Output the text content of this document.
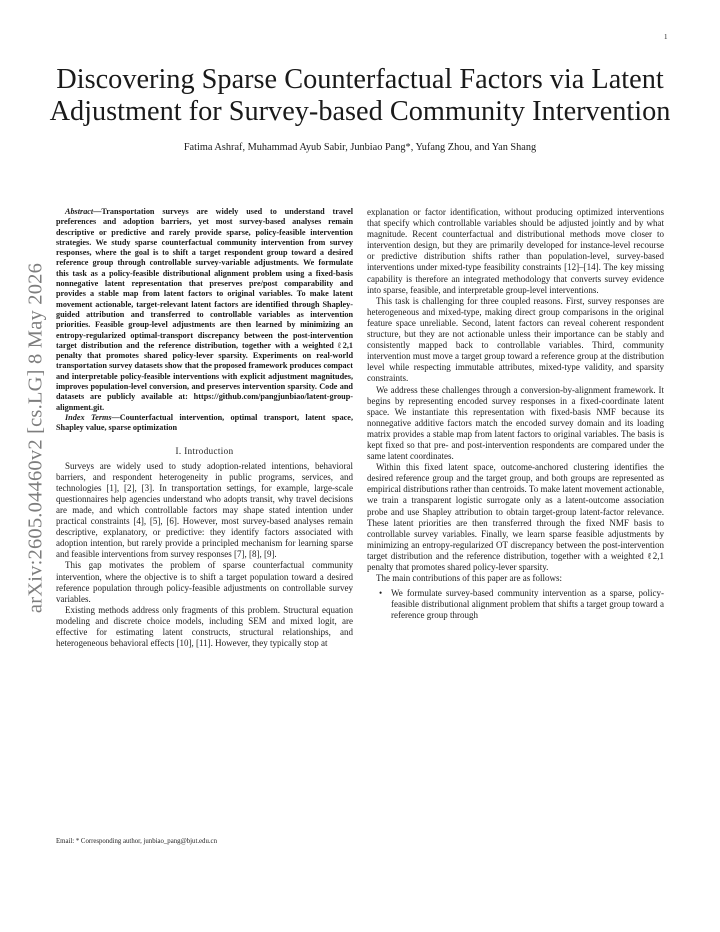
1
arXiv:2605.04460v2 [cs.LG] 8 May 2026
Discovering Sparse Counterfactual Factors via Latent
Adjustment for Survey-based Community Intervention
Fatima Ashraf, Muhammad Ayub Sabir, Junbiao Pang*, Yufang Zhou, and Yan Shang

Abstract—Transportation surveys are widely used to understand travel preferences and adoption barriers, yet most survey-based analyses remain descriptive or predictive and rarely provide sparse, policy-feasible intervention strategies. We study sparse counterfactual community intervention from survey responses, where the goal is to shift a target respondent group toward a desired reference group through controllable survey-variable adjustments. We formulate this task as a policy-feasible distributional alignment problem using a fixed-basis nonnegative latent representation that preserves pre/post comparability and provides a stable map from latent factors to original variables. To make latent movement actionable, target-relevant latent factors are identified through Shapley-guided attribution and transferred to controllable variables as intervention priorities. Feasible group-level adjustments are then learned by minimizing an entropy-regularized optimal-transport discrepancy between the post-intervention target distribution and the reference distribution, together with a weighted ℓ2,1 penalty that promotes shared policy-lever sparsity. Experiments on real-world transportation survey datasets show that the proposed framework produces compact and interpretable policy-feasible interventions with explicit adjustment magnitudes, improves population-level conversion, and preserves intervention sparsity. Code and datasets are publicly available at: https://github.com/pangjunbiao/latent-group-alignment.git.

Index Terms—Counterfactual intervention, optimal transport, latent space, Shapley value, sparse optimization

I. Introduction

Surveys are widely used to study adoption-related intentions, behavioral barriers, and respondent heterogeneity in public programs, services, and technologies [1], [2], [3]. In transportation settings, for example, large-scale questionnaires help agencies understand who adopts transit, why travel decisions are made, and which controllable factors may shape stated intention under practical constraints [4], [5], [6]. However, most survey-based analyses remain descriptive, explanatory, or predictive: they identify factors associated with adoption intention, but rarely provide a principled mechanism for learning sparse and feasible interventions from survey responses [7], [8], [9].

This gap motivates the problem of sparse counterfactual community intervention, where the objective is to shift a target population toward a desired reference population through policy-feasible adjustments on controllable survey variables.

Existing methods address only fragments of this problem. Structural equation modeling and discrete choice models, including SEM and mixed logit, are effective for estimating latent constructs, structural relationships, and heterogeneous behavioral effects [10], [11]. However, they typically stop at

explanation or factor identification, without producing optimized interventions that specify which controllable variables should be adjusted jointly and by what magnitude. Recent counterfactual and distributional methods move closer to intervention design, but they are primarily developed for instance-level recourse or predictive distribution shifts rather than population-level, survey-based interventions under mixed-type feasibility constraints [12]–[14]. The key missing capability is therefore an integrated methodology that converts survey evidence into sparse, feasible, and interpretable group-level interventions.

This task is challenging for three coupled reasons. First, survey responses are heterogeneous and mixed-type, making direct group comparisons in the original feature space unreliable. Second, latent factors can reveal coherent respondent structure, but they are not actionable unless their importance can be stably and consistently mapped back to controllable variables. Third, community intervention must move a target group toward a reference group at the distribution level while respecting immutable attributes, mixed-type validity, and sparsity constraints.

We address these challenges through a conversion-by-alignment framework. It begins by representing encoded survey responses in a fixed-coordinate latent space. We instantiate this representation with fixed-basis NMF because its nonnegative additive factors match the encoded survey domain and its loading matrix provides a stable map from latent factors to original variables. The basis is kept fixed so that pre- and post-intervention respondents are compared under the same latent coordinates.

Within this fixed latent space, outcome-anchored clustering identifies the desired reference group and the target group, and both groups are represented as empirical distributions rather than centroids. To make latent movement actionable, we train a transparent logistic surrogate only as a latent-outcome association probe and use Shapley attribution to obtain target-group latent-factor relevance. These latent priorities are then transferred through the fixed NMF basis to controllable survey variables. Finally, we learn sparse feasible adjustments by minimizing an entropy-regularized OT discrepancy between the post-intervention target distribution and the reference distribution, together with a weighted ℓ2,1 penalty that promotes shared policy-lever sparsity.

The main contributions of this paper are as follows:

• We formulate survey-based community intervention as a sparse, policy-feasible distributional alignment problem that shifts a target group toward a reference group through
Email: * Corresponding author, junbiao_pang@bjut.edu.cn
